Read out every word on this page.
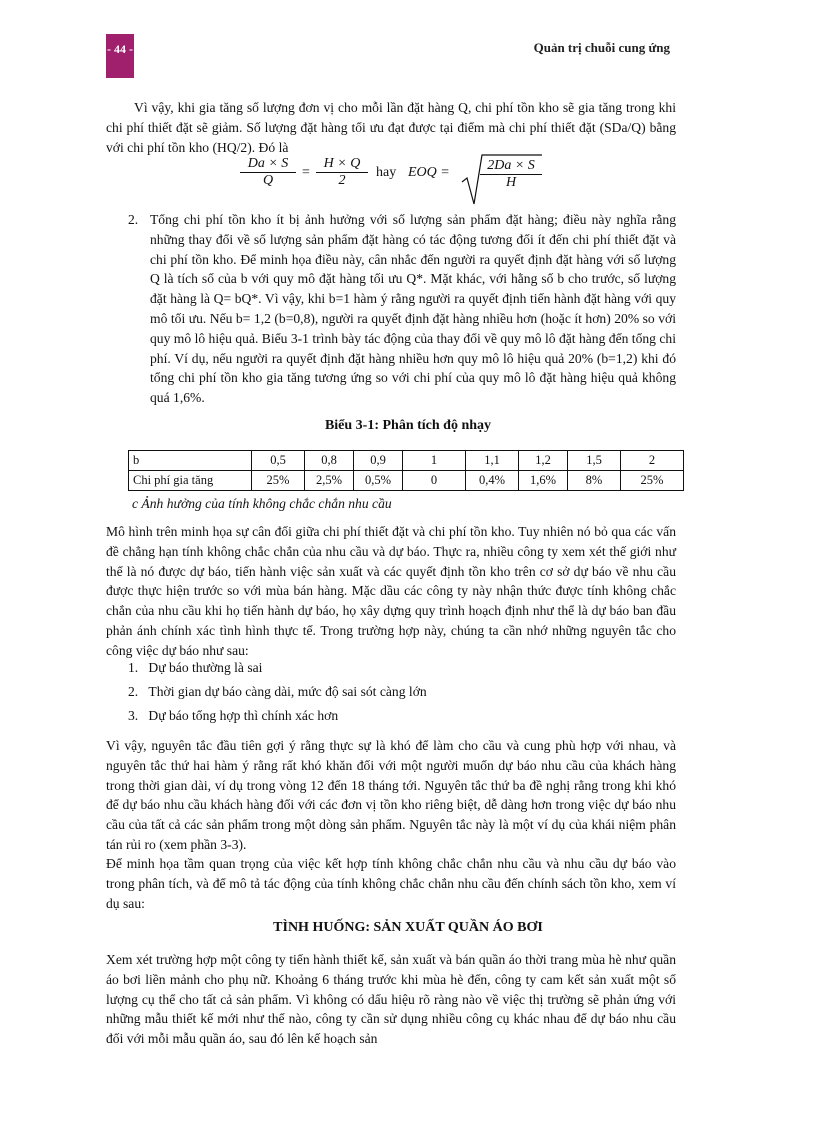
- 44 -	Quản trị chuỗi cung ứng

Vì vậy, khi gia tăng số lượng đơn vị cho mỗi lần đặt hàng Q, chi phí tồn kho sẽ gia tăng trong khi chi phí thiết đặt sẽ giảm. Số lượng đặt hàng tối ưu đạt được tại điểm mà chi phí thiết đặt (SDa/Q) bằng với chi phí tồn kho (HQ/2). Đó là

$\frac{Da \times S}{Q} = \frac{H \times Q}{2}$ hay EOQ = $\frac{2Da \times S}{H}$
2. Tổng chi phí tồn kho ít bị ảnh hưởng với số lượng sản phẩm đặt hàng; điều này nghĩa rằng những thay đổi về số lượng sản phẩm đặt hàng có tác động tương đối ít đến chi phí thiết đặt và chi phí tồn kho. Để minh họa điều này, cân nhắc đến người ra quyết định đặt hàng với số lượng Q là tích số của b với quy mô đặt hàng tối ưu Q*. Mặt khác, với hằng số b cho trước, số lượng đặt hàng là Q= bQ*. Vì vậy, khi b=1 hàm ý rằng người ra quyết định tiến hành đặt hàng với quy mô tối ưu. Nếu b= 1,2 (b=0,8), người ra quyết định đặt hàng nhiều hơn (hoặc ít hơn) 20% so với quy mô lô hiệu quả. Biểu 3-1 trình bày tác động của thay đổi về quy mô lô đặt hàng đến tổng chi phí. Ví dụ, nếu người ra quyết định đặt hàng nhiều hơn quy mô lô hiệu quả 20% (b=1,2) khi đó tổng chi phí tồn kho gia tăng tương ứng so với chi phí của quy mô lô đặt hàng hiệu quả không quá 1,6%.
Biểu 3-1: Phân tích độ nhạy
b	0,5	0,8	0,9	1	1,1	1,2	1,5	2
Chi phí gia tăng	25%	2,5%	0,5%	0	0,4%	1,6%	8%	25%
c Ảnh hưởng của tính không chắc chắn nhu cầu

Mô hình trên minh họa sự cân đối giữa chi phí thiết đặt và chi phí tồn kho. Tuy nhiên nó bỏ qua các vấn đề chẳng hạn tính không chắc chắn của nhu cầu và dự báo. Thực ra, nhiều công ty xem xét thế giới như thể là nó được dự báo, tiến hành việc sản xuất và các quyết định tồn kho trên cơ sở dự báo về nhu cầu được thực hiện trước so với mùa bán hàng. Mặc dầu các công ty này nhận thức được tính không chắc chắn của nhu cầu khi họ tiến hành dự báo, họ xây dựng quy trình hoạch định như thể là dự báo ban đầu phản ánh chính xác tình hình thực tế. Trong trường hợp này, chúng ta cần nhớ những nguyên tắc cho công việc dự báo như sau:

1. Dự báo thường là sai
2. Thời gian dự báo càng dài, mức độ sai sót càng lớn
3. Dự báo tổng hợp thì chính xác hơn

Vì vậy, nguyên tắc đầu tiên gợi ý rằng thực sự là khó để làm cho cầu và cung phù hợp với nhau, và nguyên tắc thứ hai hàm ý rằng rất khó khăn đối với một người muốn dự báo nhu cầu của khách hàng trong thời gian dài, ví dụ trong vòng 12 đến 18 tháng tới. Nguyên tắc thứ ba đề nghị rằng trong khi khó để dự báo nhu cầu khách hàng đối với các đơn vị tồn kho riêng biệt, dễ dàng hơn trong việc dự báo nhu cầu của tất cả các sản phẩm trong một dòng sản phẩm. Nguyên tắc này là một ví dụ của khái niệm phân tán rủi ro (xem phần 3-3).

Để minh họa tầm quan trọng của việc kết hợp tính không chắc chắn nhu cầu và nhu cầu dự báo vào trong phân tích, và để mô tả tác động của tính không chắc chắn nhu cầu đến chính sách tồn kho, xem ví dụ sau:

TÌNH HUỐNG: SẢN XUẤT QUẦN ÁO BƠI

Xem xét trường hợp một công ty tiến hành thiết kế, sản xuất và bán quần áo thời trang mùa hè như quần áo bơi liền mảnh cho phụ nữ. Khoảng 6 tháng trước khi mùa hè đến, công ty cam kết sản xuất một số lượng cụ thể cho tất cả sản phẩm. Vì không có dấu hiệu rõ ràng nào về việc thị trường sẽ phản ứng với những mẫu thiết kế mới như thế nào, công ty cần sử dụng nhiều công cụ khác nhau để dự báo nhu cầu đối với mỗi mẫu quần áo, sau đó lên kế hoạch sản
